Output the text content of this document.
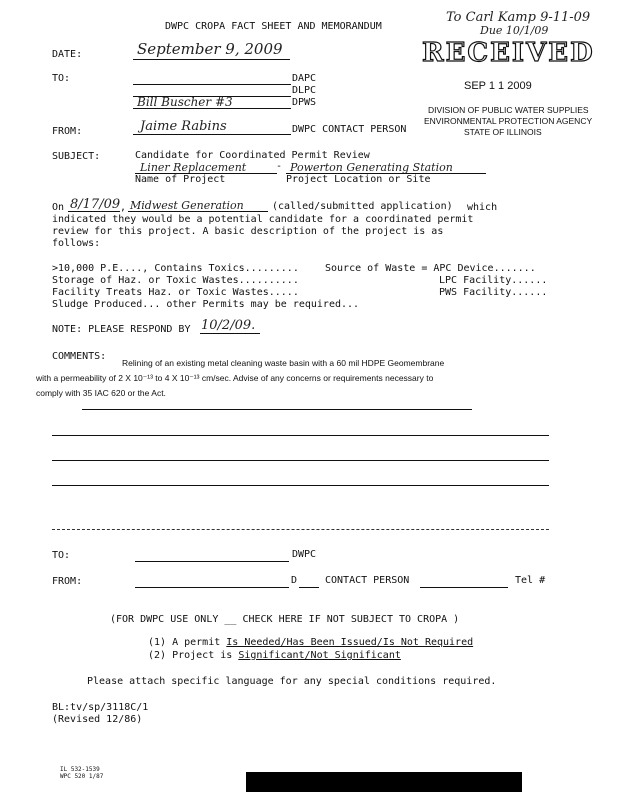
DWPC CROPA FACT SHEET AND MEMORANDUM
To Carl Kamp 9-11-09
Due 10/1/09
RECEIVED
SEP 1 1 2009
DIVISION OF PUBLIC WATER SUPPLIES
ENVIRONMENTAL PROTECTION AGENCY
STATE OF ILLINOIS
DATE:	September 9, 2009
TO:	DAPC
DLPC
Bill Buscher #3	DPWS
FROM:	Jaime Rabins	DWPC CONTACT PERSON
SUBJECT:	Candidate for Coordinated Permit Review
Liner Replacement	- Powerton Generating Station
Name of Project	Project Location or Site
On 8/17/09 , Midwest Generation	(called/submitted application) which
indicated they would be a potential candidate for a coordinated permit
review for this project. A basic description of the project is as
follows:
>10,000 P.E...., Contains Toxics.........	Source of Waste = APC Device.......
Storage of Haz. or Toxic Wastes..........	LPC Facility......
Facility Treats Haz. or Toxic Wastes.....	PWS Facility......
Sludge Produced... other Permits may be required...
NOTE: PLEASE RESPOND BY 10/2/09.
COMMENTS:
Relining of an existing metal cleaning waste basin with a 60 mil HDPE Geomembrane
with a permeability of 2 X 10⁻¹³ to 4 X 10⁻¹³ cm/sec. Advise of any concerns or requirements necessary to
comply with 35 IAC 620 or the Act.
TO:	DWPC
FROM:	D	CONTACT PERSON	Tel #
(FOR DWPC USE ONLY __ CHECK HERE IF NOT SUBJECT TO CROPA )
(1) A permit Is Needed/Has Been Issued/Is Not Required
(2) Project is Significant/Not Significant
Please attach specific language for any special conditions required.
BL:tv/sp/3118C/1
(Revised 12/86)
IL 532-1539
WPC 520 1/87
